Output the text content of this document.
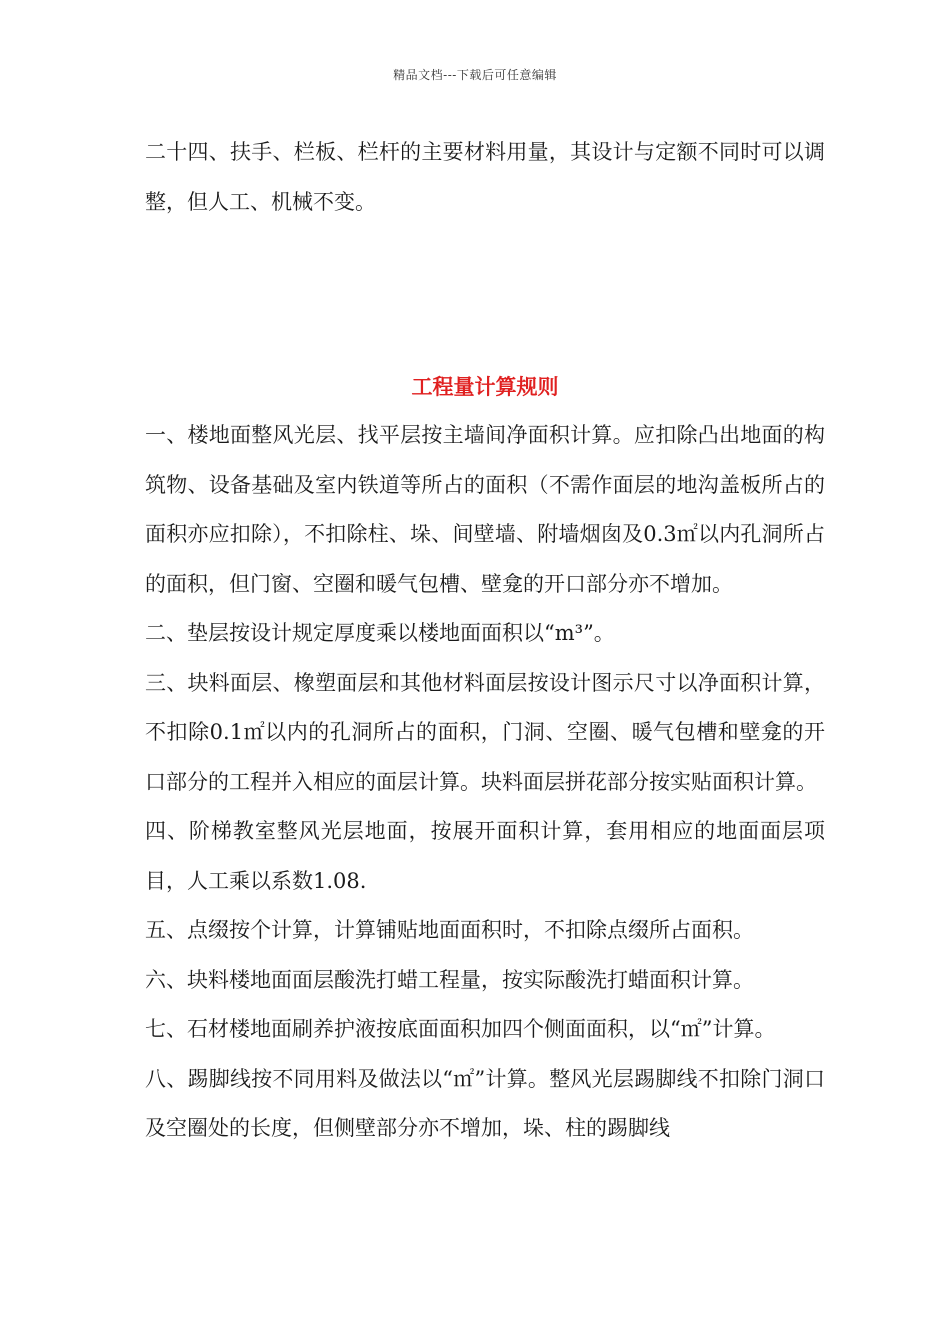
精品文档---下载后可任意编辑

二十四、扶手、栏板、栏杆的主要材料用量，其设计与定额不同时可以调整，但人工、机械不变。

工程量计算规则

一、楼地面整风光层、找平层按主墙间净面积计算。应扣除凸出地面的构筑物、设备基础及室内铁道等所占的面积（不需作面层的地沟盖板所占的面积亦应扣除），不扣除柱、垛、间壁墙、附墙烟囱及0.3㎡以内孔洞所占的面积，但门窗、空圈和暖气包槽、壁龛的开口部分亦不增加。

二、垫层按设计规定厚度乘以楼地面面积以“m³”。

三、块料面层、橡塑面层和其他材料面层按设计图示尺寸以净面积计算，不扣除0.1㎡以内的孔洞所占的面积，门洞、空圈、暖气包槽和壁龛的开口部分的工程并入相应的面层计算。块料面层拼花部分按实贴面积计算。

四、阶梯教室整风光层地面，按展开面积计算，套用相应的地面面层项目，人工乘以系数1.08.

五、点缀按个计算，计算铺贴地面面积时，不扣除点缀所占面积。

六、块料楼地面面层酸洗打蜡工程量，按实际酸洗打蜡面积计算。

七、石材楼地面刷养护液按底面面积加四个侧面面积，以“㎡”计算。

八、踢脚线按不同用料及做法以“㎡”计算。整风光层踢脚线不扣除门洞口及空圈处的长度，但侧壁部分亦不增加，垛、柱的踢脚线
